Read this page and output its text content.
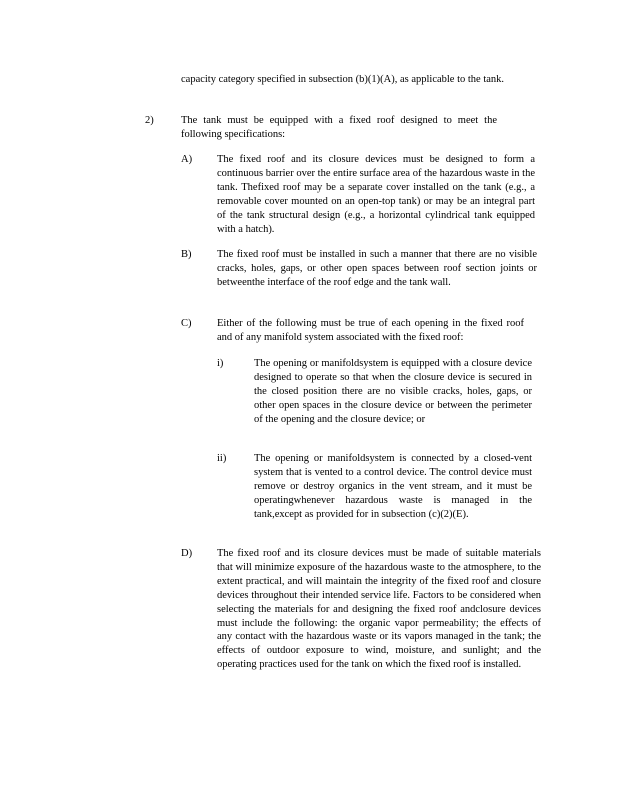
capacity category specified in subsection (b)(1)(A), as applicable to the tank.

2)	The tank must be equipped with a fixed roof designed to meet the following specifications:

A) The fixed roof and its closure devices must be designed to form a continuous barrier over the entire surface area of the hazardous waste in the tank. Thefixed roof may be a separate cover installed on the tank (e.g., a removable cover mounted on an open-top tank) or may be an integral part of the tank structural design (e.g., a horizontal cylindrical tank equipped with a hatch).

B) The fixed roof must be installed in such a manner that there are no visible cracks, holes, gaps, or other open spaces between roof section joints or betweenthe interface of the roof edge and the tank wall.

C) Either of the following must be true of each opening in the fixed roof and of any manifold system associated with the fixed roof:

i)	The opening or manifoldsystem is equipped with a closure device designed to operate so that when the closure device is secured in the closed position there are no visible cracks, holes, gaps, or other open spaces in the closure device or between the perimeter of the opening and the closure device; or

ii)	The opening or manifoldsystem is connected by a closed-vent system that is vented to a control device. The control device must remove or destroy organics in the vent stream, and it must be operatingwhenever hazardous waste is managed in the tank,except as provided for in subsection (c)(2)(E).

D) The fixed roof and its closure devices must be made of suitable materials that will minimize exposure of the hazardous waste to the atmosphere, to the extent practical, and will maintain the integrity of the fixed roof and closure devices throughout their intended service life. Factors to be considered when selecting the materials for and designing the fixed roof andclosure devices must include the following: the organic vapor permeability; the effects of any contact with the hazardous waste or its vapors managed in the tank; the effects of outdoor exposure to wind, moisture, and sunlight; and the operating practices used for the tank on which the fixed roof is installed.
